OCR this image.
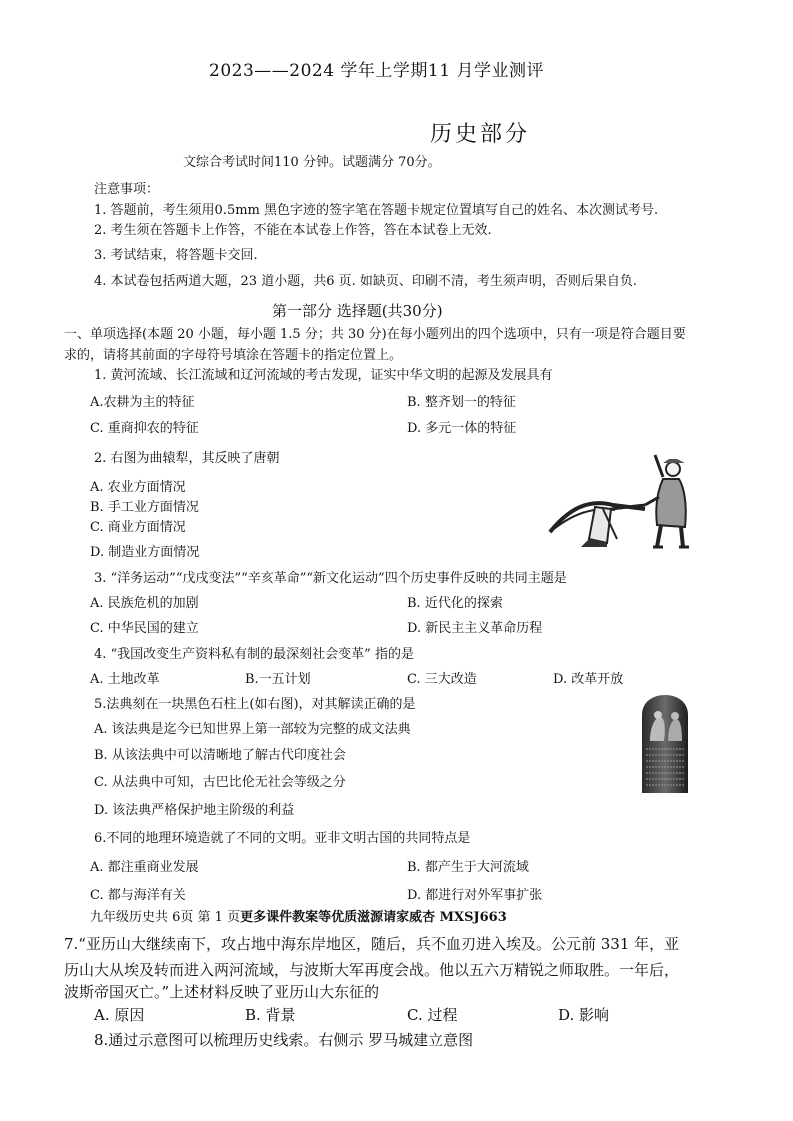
2023——2024 学年上学期11 月学业测评
历史部分
文综合考试时间110 分钟。试题满分 70分。
注意事项：
1. 答题前，考生须用0.5mm 黑色字迹的签字笔在答题卡规定位置填写自己的姓名、本次测试考号.
2. 考生须在答题卡上作答，不能在本试卷上作答，答在本试卷上无效.
3. 考试结束，将答题卡交回.
4. 本试卷包括两道大题，23 道小题，共6 页. 如缺页、印刷不清，考生须声明，否则后果自负.
第一部分 选择题(共30分)
一、单项选择(本题 20 小题，每小题 1.5 分；共 30 分)在每小题列出的四个选项中，只有一项是符合题目要
求的，请将其前面的字母符号填涂在答题卡的指定位置上。
1. 黄河流域、长江流域和辽河流域的考古发现，证实中华文明的起源及发展具有
A.农耕为主的特征	B. 整齐划一的特征
C. 重商抑农的特征	D. 多元一体的特征
2. 右图为曲辕犁，其反映了唐朝
A. 农业方面情况
B. 手工业方面情况
C. 商业方面情况
D. 制造业方面情况
3. “洋务运动”“戊戌变法”“辛亥革命”“新文化运动”四个历史事件反映的共同主题是
A. 民族危机的加剧	B. 近代化的探索
C. 中华民国的建立	D. 新民主主义革命历程
4. “我国改变生产资料私有制的最深刻社会变革” 指的是
A. 土地改革	B.一五计划	C. 三大改造	D. 改革开放
5.法典刻在一块黑色石柱上(如右图)，对其解读正确的是
A. 该法典是迄今已知世界上第一部较为完整的成文法典
B. 从该法典中可以清晰地了解古代印度社会
C. 从法典中可知，古巴比伦无社会等级之分
D. 该法典严格保护地主阶级的利益
6.不同的地理环境造就了不同的文明。亚非文明古国的共同特点是
A. 都注重商业发展	B. 都产生于大河流域
C. 都与海洋有关	D. 都进行对外军事扩张
九年级历史共 6页 第 1 页更多课件教案等优质滋源请家威杏 MXSJ663
7.“亚历山大继续南下，攻占地中海东岸地区，随后，兵不血刃进入埃及。公元前 331 年，亚
历山大从埃及转而进入两河流域，与波斯大军再度会战。他以五六万精锐之师取胜。一年后，
波斯帝国灭亡。”上述材料反映了亚历山大东征的
A. 原因	B. 背景	C. 过程	D. 影响
8.通过示意图可以梳理历史线索。右侧示 罗马城建立意图
